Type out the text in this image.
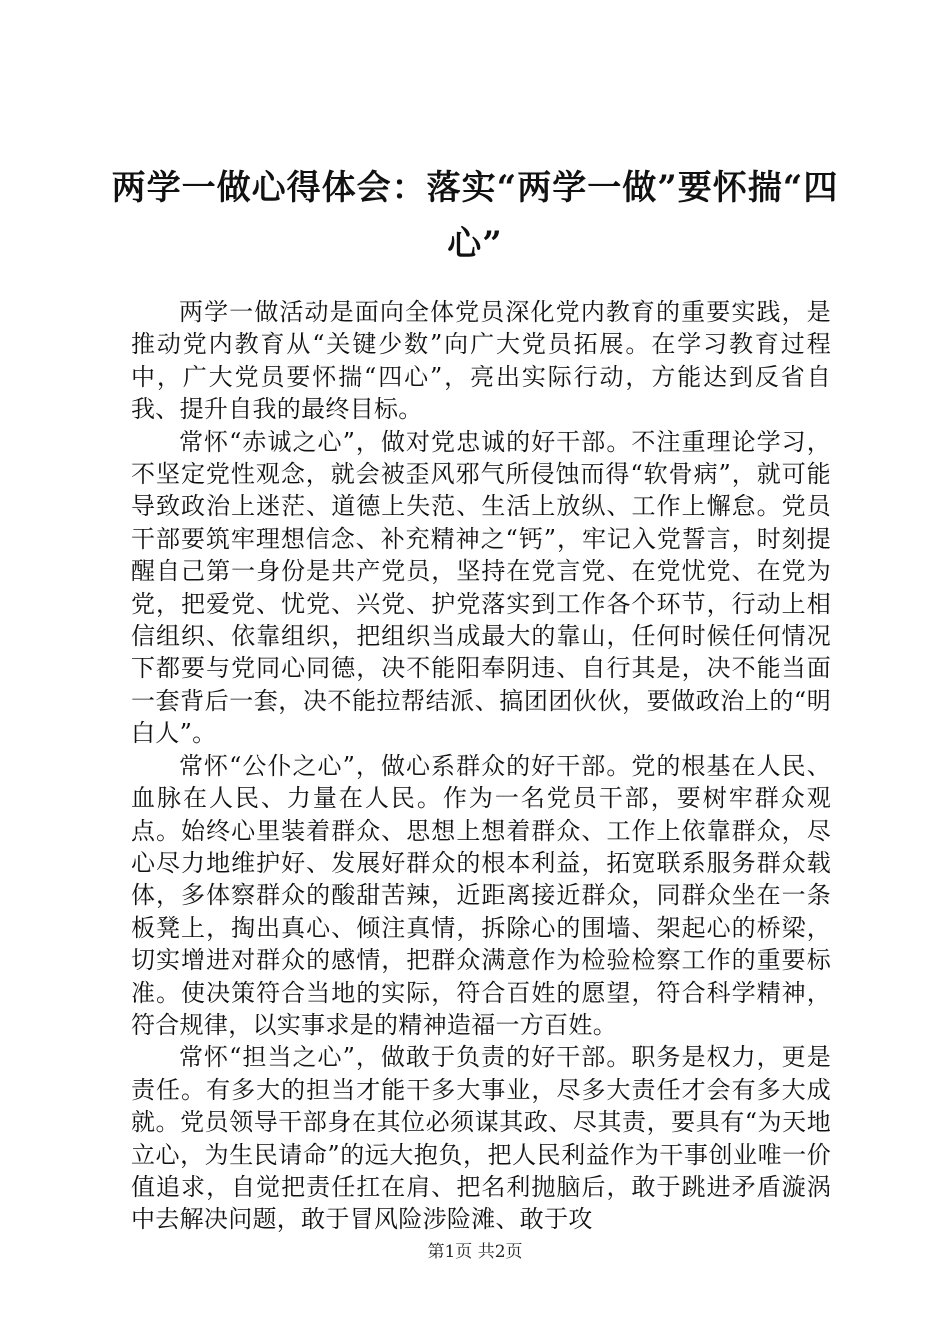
两学一做心得体会：落实“两学一做”要怀揣“四心”

两学一做活动是面向全体党员深化党内教育的重要实践，是推动党内教育从“关键少数”向广大党员拓展。在学习教育过程中，广大党员要怀揣“四心”，亮出实际行动，方能达到反省自我、提升自我的最终目标。

常怀“赤诚之心”，做对党忠诚的好干部。不注重理论学习，不坚定党性观念，就会被歪风邪气所侵蚀而得“软骨病”，就可能导致政治上迷茫、道德上失范、生活上放纵、工作上懈怠。党员干部要筑牢理想信念、补充精神之“钙”，牢记入党誓言，时刻提醒自己第一身份是共产党员，坚持在党言党、在党忧党、在党为党，把爱党、忧党、兴党、护党落实到工作各个环节，行动上相信组织、依靠组织，把组织当成最大的靠山，任何时候任何情况下都要与党同心同德，决不能阳奉阴违、自行其是，决不能当面一套背后一套，决不能拉帮结派、搞团团伙伙，要做政治上的“明白人”。

常怀“公仆之心”，做心系群众的好干部。党的根基在人民、血脉在人民、力量在人民。作为一名党员干部，要树牢群众观点。始终心里装着群众、思想上想着群众、工作上依靠群众，尽心尽力地维护好、发展好群众的根本利益，拓宽联系服务群众载体，多体察群众的酸甜苦辣，近距离接近群众，同群众坐在一条板凳上，掏出真心、倾注真情，拆除心的围墙、架起心的桥梁，切实增进对群众的感情，把群众满意作为检验检察工作的重要标准。使决策符合当地的实际，符合百姓的愿望，符合科学精神，符合规律，以实事求是的精神造福一方百姓。

常怀“担当之心”，做敢于负责的好干部。职务是权力，更是责任。有多大的担当才能干多大事业，尽多大责任才会有多大成就。党员领导干部身在其位必须谋其政、尽其责，要具有“为天地立心，为生民请命”的远大抱负，把人民利益作为干事创业唯一价值追求，自觉把责任扛在肩、把名利抛脑后，敢于跳进矛盾漩涡中去解决问题，敢于冒风险涉险滩、敢于攻

第1页 共2页
